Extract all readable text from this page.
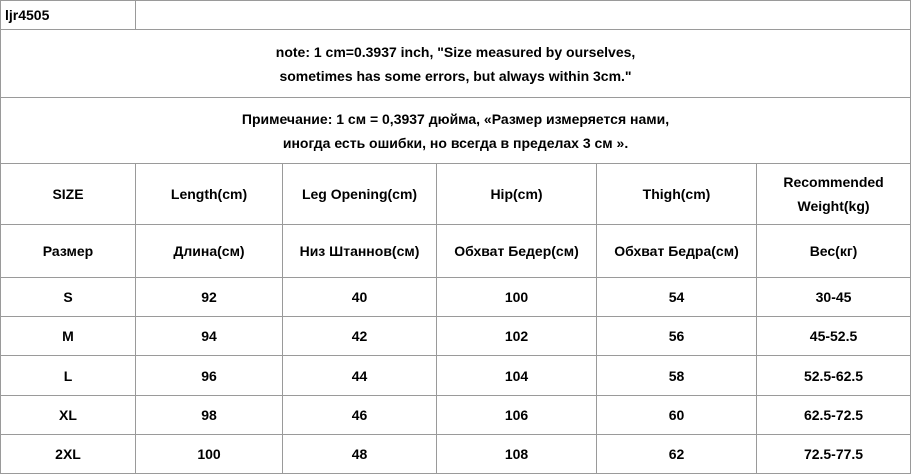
ljr4505					

note: 1 cm=0.3937 inch, "Size measured by ourselves,
sometimes has some errors, but always within 3cm."					

Примечание: 1 см = 0,3937 дюйма, «Размер измеряется нами,
иногда есть ошибки, но всегда в пределах 3 см ».					

SIZE	Length(cm)	Leg Opening(cm)	Hip(cm)	Thigh(cm)	Recommended
Weight(kg)

Размер	Длина(см)	Низ Штаннов(см)	Обхват Бедер(см)	Обхват Бедра(см)	Вес(кг)
S	92	40	100	54	30-45
M	94	42	102	56	45-52.5
L	96	44	104	58	52.5-62.5
XL	98	46	106	60	62.5-72.5
2XL	100	48	108	62	72.5-77.5
